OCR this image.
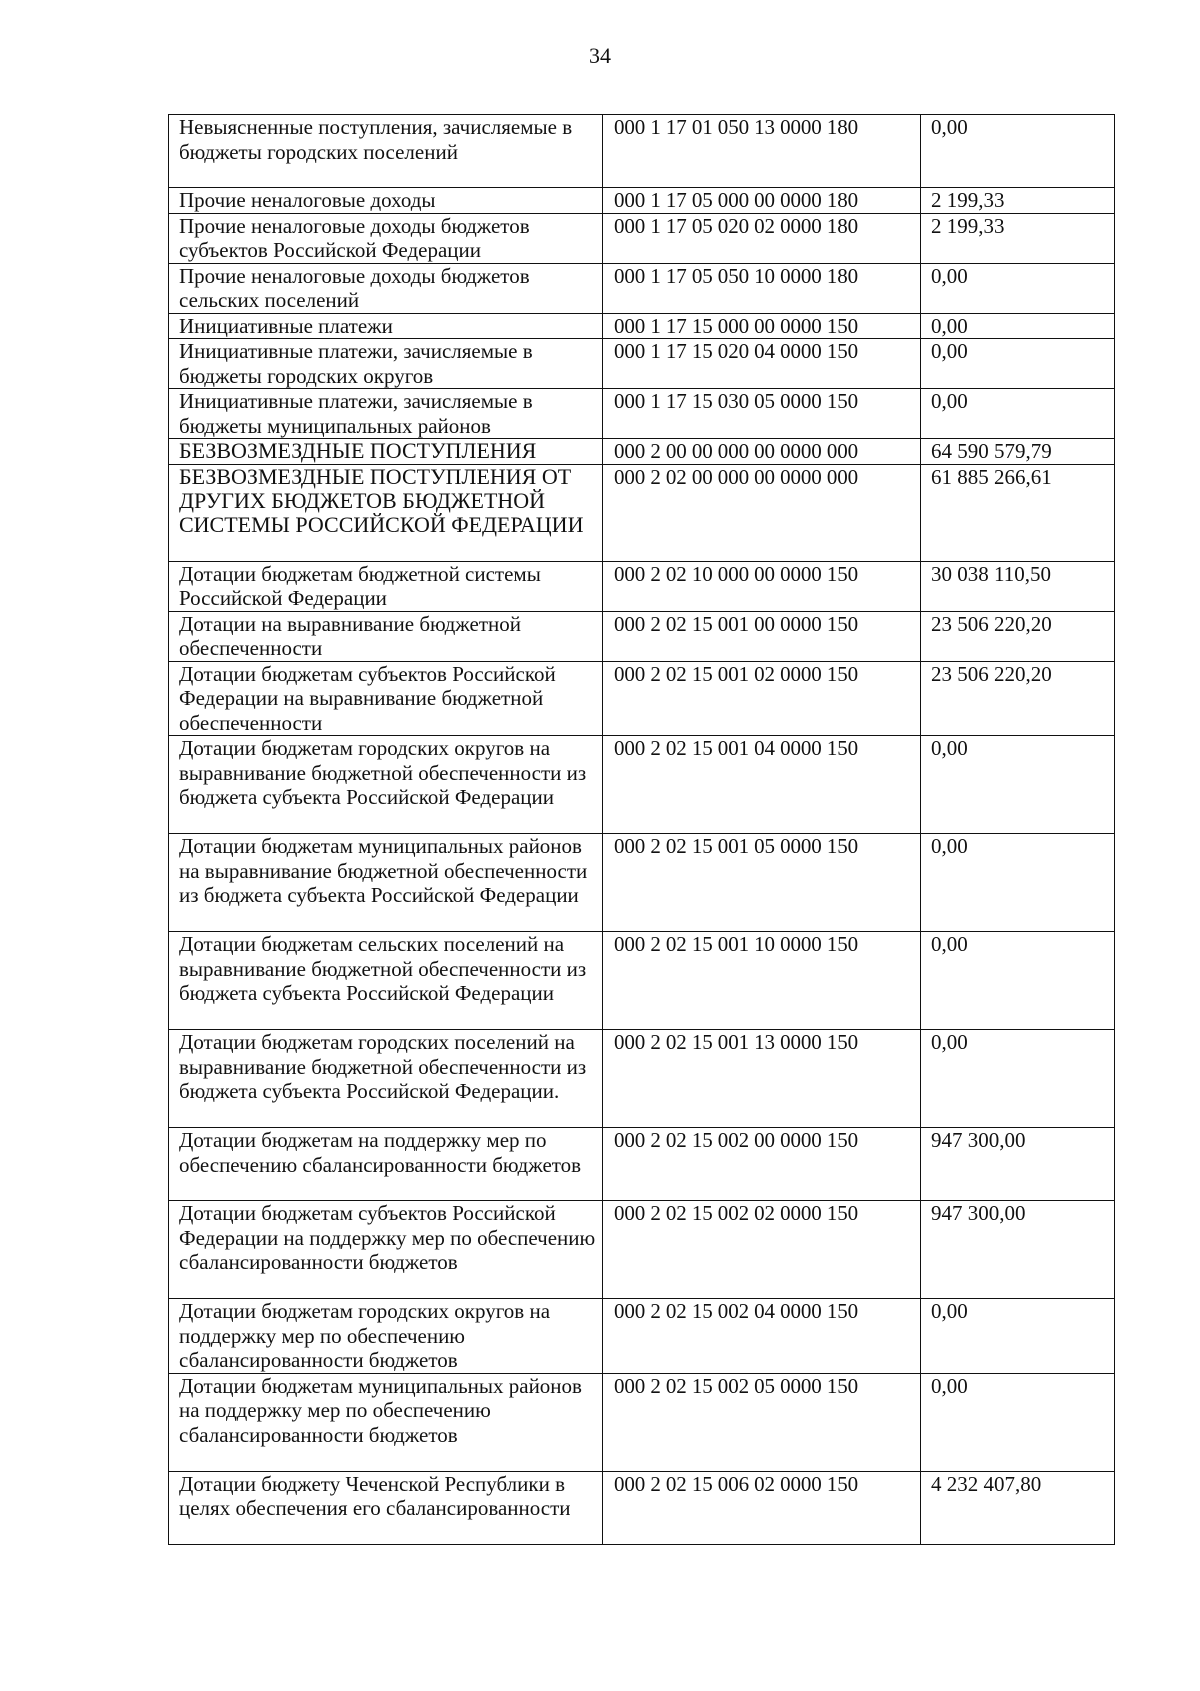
34
Невыясненные поступления, зачисляемые в бюджеты городских поселений	000 1 17 01 050 13 0000 180	0,00
Прочие неналоговые доходы	000 1 17 05 000 00 0000 180	2 199,33
Прочие неналоговые доходы бюджетов субъектов Российской Федерации	000 1 17 05 020 02 0000 180	2 199,33
Прочие неналоговые доходы бюджетов сельских поселений	000 1 17 05 050 10 0000 180	0,00
Инициативные платежи	000 1 17 15 000 00 0000 150	0,00
Инициативные платежи, зачисляемые в бюджеты городских округов	000 1 17 15 020 04 0000 150	0,00
Инициативные платежи, зачисляемые в бюджеты муниципальных районов	000 1 17 15 030 05 0000 150	0,00
БЕЗВОЗМЕЗДНЫЕ ПОСТУПЛЕНИЯ	000 2 00 00 000 00 0000 000	64 590 579,79
БЕЗВОЗМЕЗДНЫЕ ПОСТУПЛЕНИЯ ОТ ДРУГИХ БЮДЖЕТОВ БЮДЖЕТНОЙ СИСТЕМЫ РОССИЙСКОЙ ФЕДЕРАЦИИ	000 2 02 00 000 00 0000 000	61 885 266,61
Дотации бюджетам бюджетной системы Российской Федерации	000 2 02 10 000 00 0000 150	30 038 110,50
Дотации на выравнивание бюджетной обеспеченности	000 2 02 15 001 00 0000 150	23 506 220,20
Дотации бюджетам субъектов Российской Федерации на выравнивание бюджетной обеспеченности	000 2 02 15 001 02 0000 150	23 506 220,20
Дотации бюджетам городских округов на выравнивание бюджетной обеспеченности из бюджета субъекта Российской Федерации	000 2 02 15 001 04 0000 150	0,00
Дотации бюджетам муниципальных районов на выравнивание бюджетной обеспеченности из бюджета субъекта Российской Федерации	000 2 02 15 001 05 0000 150	0,00
Дотации бюджетам сельских поселений на выравнивание бюджетной обеспеченности из бюджета субъекта Российской Федерации	000 2 02 15 001 10 0000 150	0,00
Дотации бюджетам городских поселений на выравнивание бюджетной обеспеченности из бюджета субъекта Российской Федерации.	000 2 02 15 001 13 0000 150	0,00
Дотации бюджетам на поддержку мер по обеспечению сбалансированности бюджетов	000 2 02 15 002 00 0000 150	947 300,00
Дотации бюджетам субъектов Российской Федерации на поддержку мер по обеспечению сбалансированности бюджетов	000 2 02 15 002 02 0000 150	947 300,00
Дотации бюджетам городских округов на поддержку мер по обеспечению сбалансированности бюджетов	000 2 02 15 002 04 0000 150	0,00
Дотации бюджетам муниципальных районов на поддержку мер по обеспечению сбалансированности бюджетов	000 2 02 15 002 05 0000 150	0,00
Дотации бюджету Чеченской Республики в целях обеспечения его сбалансированности	000 2 02 15 006 02 0000 150	4 232 407,80
